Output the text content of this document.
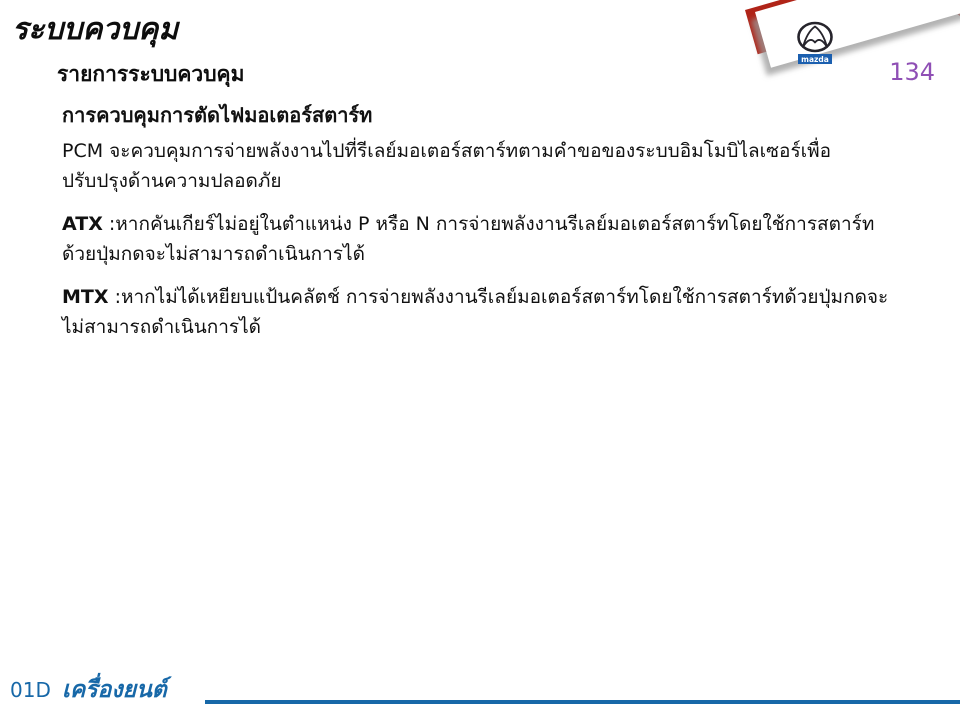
mazda
ระบบควบคุม
รายการระบบควบคุม	134

การควบคุมการตัดไฟมอเตอร์สตาร์ท

PCM จะควบคุมการจ่ายพลังงานไปที่รีเลย์มอเตอร์สตาร์ทตามคำขอของระบบอิมโมบิไลเซอร์เพื่อปรับปรุงด้านความปลอดภัย

ATX :หากคันเกียร์ไม่อยู่ในตำแหน่ง P หรือ N การจ่ายพลังงานรีเลย์มอเตอร์สตาร์ทโดยใช้การสตาร์ทด้วยปุ่มกดจะไม่สามารถดำเนินการได้

MTX :หากไม่ได้เหยียบแป้นคลัตช์ การจ่ายพลังงานรีเลย์มอเตอร์สตาร์ทโดยใช้การสตาร์ทด้วยปุ่มกดจะไม่สามารถดำเนินการได้

01D เครื่องยนต์
